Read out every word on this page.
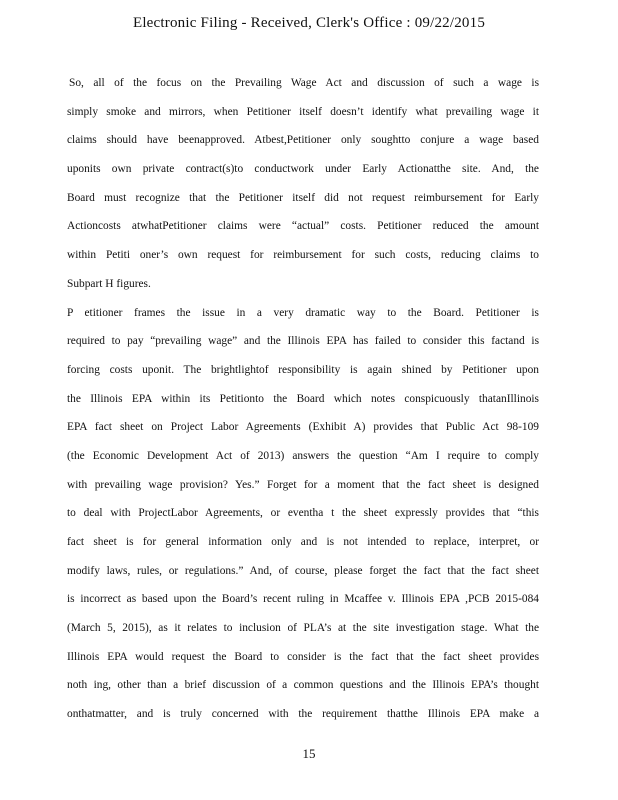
Electronic Filing - Received, Clerk's Office : 09/22/2015
So, all of the focus on the Prevailing Wage Act and discussion of such a wage is
simply smoke and mirrors, when Petitioner itself doesn’t identify what prevailing wage it
claims should have beenapproved. Atbest,Petitioner only soughtto conjure a wage based
uponits own private contract(s)to conductwork under Early Actionatthe site. And, the
Board must recognize that the Petitioner itself did not request reimbursement for Early
Actioncosts atwhatPetitioner claims were “actual” costs. Petitioner reduced the amount
within Petiti oner’s own request for reimbursement for such costs, reducing claims to
Subpart H figures.
P etitioner frames the issue in a very dramatic way to the Board. Petitioner is
required to pay “prevailing wage” and the Illinois EPA has failed to consider this factand is
forcing costs uponit. The brightlightof responsibility is again shined by Petitioner upon
the Illinois EPA within its Petitionto the Board which notes conspicuously thatanIllinois
EPA fact sheet on Project Labor Agreements (Exhibit A) provides that Public Act 98-109
(the Economic Development Act of 2013) answers the question “Am I require to comply
with prevailing wage provision? Yes.” Forget for a moment that the fact sheet is designed
to deal with ProjectLabor Agreements, or eventha t the sheet expressly provides that “this
fact sheet is for general information only and is not intended to replace, interpret, or
modify laws, rules, or regulations.” And, of course, please forget the fact that the fact sheet
is incorrect as based upon the Board’s recent ruling in Mcaffee v. Illinois EPA ,PCB 2015-084
(March 5, 2015), as it relates to inclusion of PLA’s at the site investigation stage. What the
Illinois EPA would request the Board to consider is the fact that the fact sheet provides
noth ing, other than a brief discussion of a common questions and the Illinois EPA’s thought
onthatmatter, and is truly concerned with the requirement thatthe Illinois EPA make a
15
